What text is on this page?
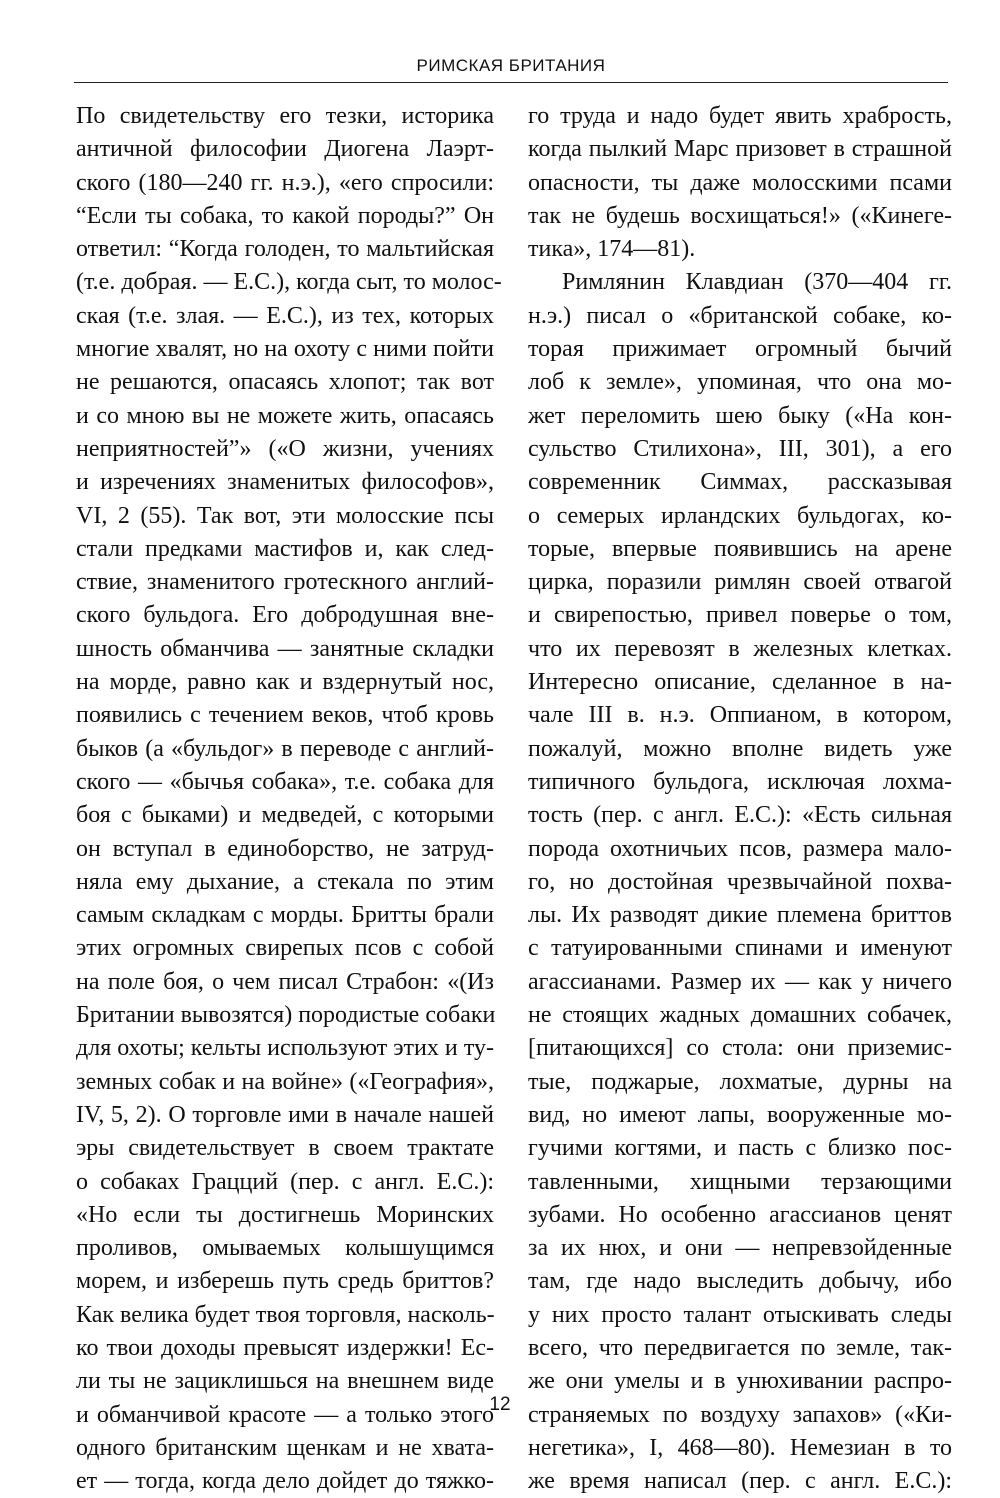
РИМСКАЯ БРИТАНИЯ
По свидетельству его тезки, историка
античной философии Диогена Лаэрт-
ского (180—240 гг. н.э.), «его спросили:
“Если ты собака, то какой породы?” Он
ответил: “Когда голоден, то мальтийская
(т.е. добрая. — Е.С.), когда сыт, то молос-
ская (т.е. злая. — Е.С.), из тех, которых
многие хвалят, но на охоту с ними пойти
не решаются, опасаясь хлопот; так вот
и со мною вы не можете жить, опасаясь
неприятностей”» («О жизни, учениях
и изречениях знаменитых философов»,
VI, 2 (55). Так вот, эти молосские псы
стали предками мастифов и, как след-
ствие, знаменитого гротескного англий-
ского бульдога. Его добродушная вне-
шность обманчива — занятные складки
на морде, равно как и вздернутый нос,
появились с течением веков, чтоб кровь
быков (а «бульдог» в переводе с англий-
ского — «бычья собака», т.е. собака для
боя с быками) и медведей, с которыми
он вступал в единоборство, не затруд-
няла ему дыхание, а стекала по этим
самым складкам с морды. Бритты брали
этих огромных свирепых псов с собой
на поле боя, о чем писал Страбон: «(Из
Британии вывозятся) породистые собаки
для охоты; кельты используют этих и ту-
земных собак и на войне» («География»,
IV, 5, 2). О торговле ими в начале нашей
эры свидетельствует в своем трактате
о собаках Грацций (пер. с англ. Е.С.):
«Но если ты достигнешь Моринских
проливов, омываемых колышущимся
морем, и изберешь путь средь бриттов?
Как велика будет твоя торговля, насколь-
ко твои доходы превысят издержки! Ес-
ли ты не зациклишься на внешнем виде
и обманчивой красоте — а только этого
одного британским щенкам и не хвата-
ет — тогда, когда дело дойдет до тяжко-
го труда и надо будет явить храбрость,
когда пылкий Марс призовет в страшной
опасности, ты даже молосскими псами
так не будешь восхищаться!» («Кинеге-
тика», 174—81).
Римлянин Клавдиан (370—404 гг.
н.э.) писал о «британской собаке, ко-
торая прижимает огромный бычий
лоб к земле», упоминая, что она мо-
жет переломить шею быку («На кон-
сульство Стилихона», III, 301), а его
современник Симмах, рассказывая
о семерых ирландских бульдогах, ко-
торые, впервые появившись на арене
цирка, поразили римлян своей отвагой
и свирепостью, привел поверье о том,
что их перевозят в железных клетках.
Интересно описание, сделанное в на-
чале III в. н.э. Оппианом, в котором,
пожалуй, можно вполне видеть уже
типичного бульдога, исключая лохма-
тость (пер. с англ. Е.С.): «Есть сильная
порода охотничьих псов, размера мало-
го, но достойная чрезвычайной похва-
лы. Их разводят дикие племена бриттов
с татуированными спинами и именуют
агассианами. Размер их — как у ничего
не стоящих жадных домашних собачек,
[питающихся] со стола: они приземис-
тые, поджарые, лохматые, дурны на
вид, но имеют лапы, вооруженные мо-
гучими когтями, и пасть с близко пос-
тавленными, хищными терзающими
зубами. Но особенно агассианов ценят
за их нюх, и они — непревзойденные
там, где надо выследить добычу, ибо
у них просто талант отыскивать следы
всего, что передвигается по земле, так-
же они умелы и в унюхивании распро-
страняемых по воздуху запахов» («Ки-
негетика», I, 468—80). Немезиан в то
же время написал (пер. с англ. Е.С.):
12
